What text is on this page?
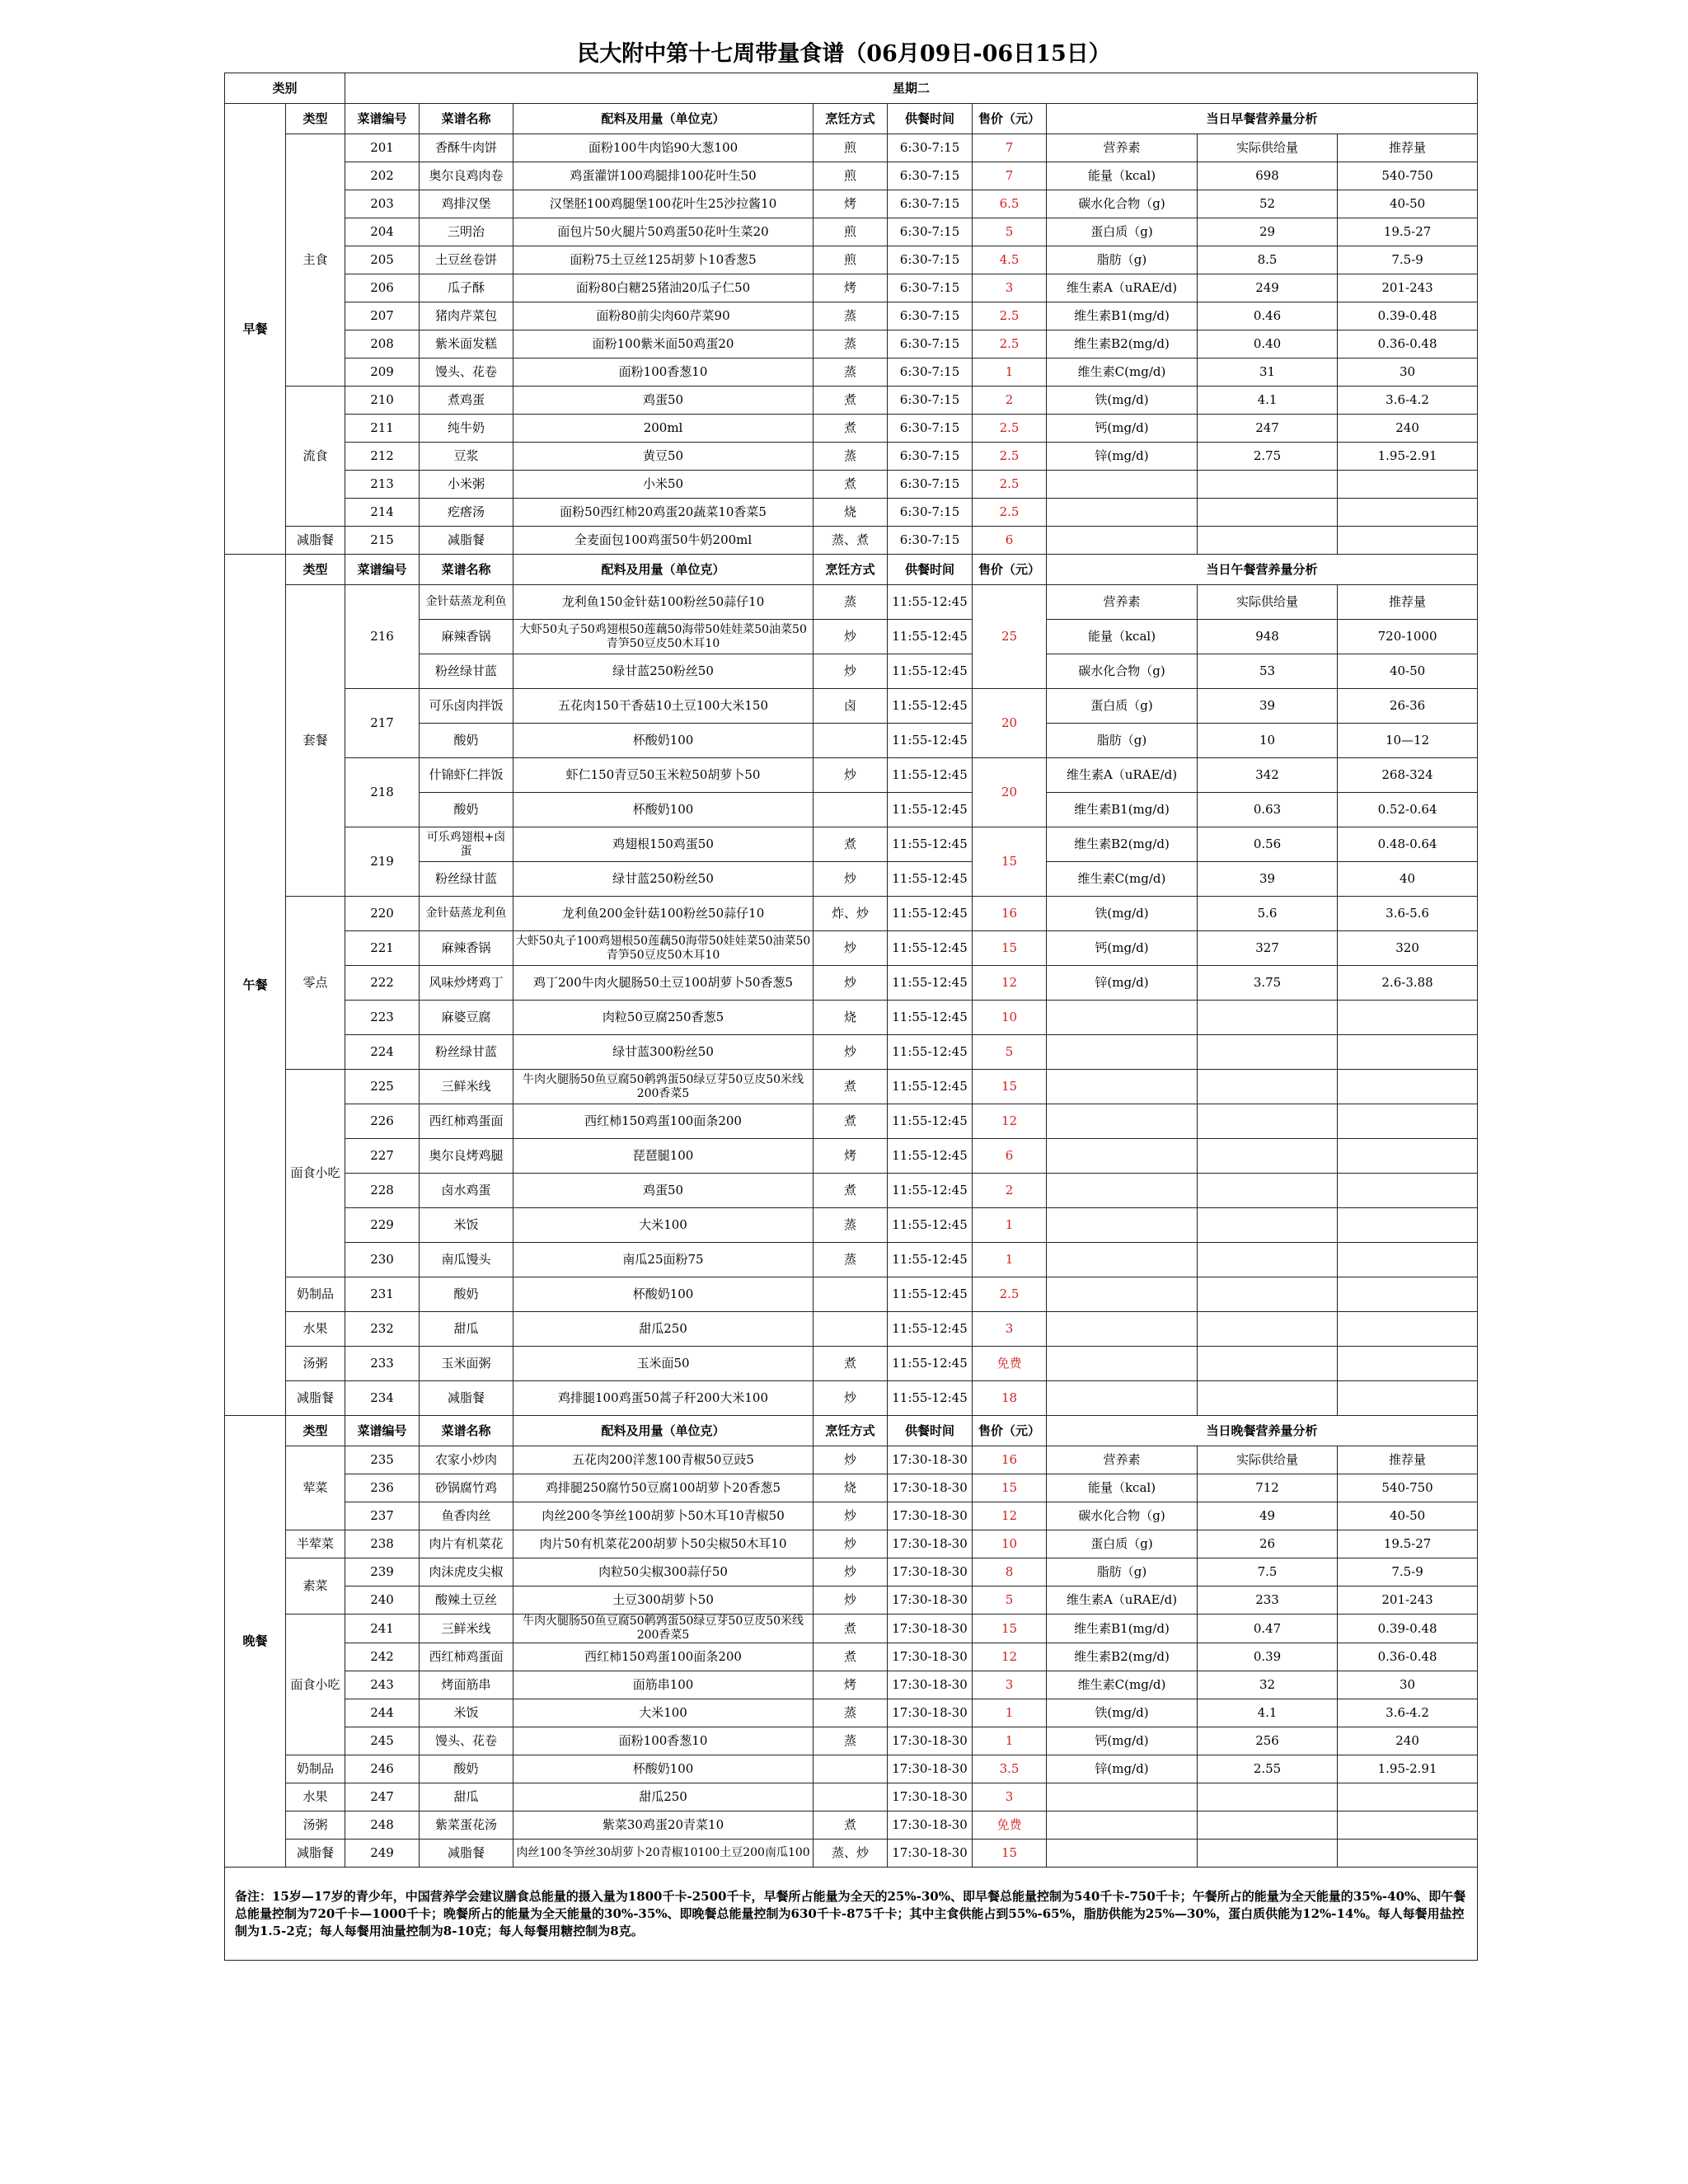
民大附中第十七周带量食谱（06月09日-06日15日）
类别		星期二								
早餐	类型	菜谱编号	菜谱名称	配料及用量（单位克）	烹饪方式	供餐时间	售价（元）	当日早餐营养量分析		
	主食	201	香酥牛肉饼	面粉100牛肉馅90大葱100	煎	6:30-7:15	7	营养素	实际供给量	推荐量
		202	奥尔良鸡肉卷	鸡蛋灌饼100鸡腿排100花叶生50	煎	6:30-7:15	7	能量（kcal)	698	540-750
		203	鸡排汉堡	汉堡胚100鸡腿堡100花叶生25沙拉酱10	烤	6:30-7:15	6.5	碳水化合物（g)	52	40-50
		204	三明治	面包片50火腿片50鸡蛋50花叶生菜20	煎	6:30-7:15	5	蛋白质（g)	29	19.5-27
		205	土豆丝卷饼	面粉75土豆丝125胡萝卜10香葱5	煎	6:30-7:15	4.5	脂肪（g)	8.5	7.5-9
		206	瓜子酥	面粉80白糖25猪油20瓜子仁50	烤	6:30-7:15	3	维生素A（uRAE/d)	249	201-243
		207	猪肉芹菜包	面粉80前尖肉60芹菜90	蒸	6:30-7:15	2.5	维生素B1(mg/d)	0.46	0.39-0.48
		208	紫米面发糕	面粉100紫米面50鸡蛋20	蒸	6:30-7:15	2.5	维生素B2(mg/d)	0.40	0.36-0.48
		209	馒头、花卷	面粉100香葱10	蒸	6:30-7:15	1	维生素C(mg/d)	31	30
	流食	210	煮鸡蛋	鸡蛋50	煮	6:30-7:15	2	铁(mg/d)	4.1	3.6-4.2
		211	纯牛奶	200ml	煮	6:30-7:15	2.5	钙(mg/d)	247	240
		212	豆浆	黄豆50	蒸	6:30-7:15	2.5	锌(mg/d)	2.75	1.95-2.91
		213	小米粥	小米50	煮	6:30-7:15	2.5			
		214	疙瘩汤	面粉50西红柿20鸡蛋20蔬菜10香菜5	烧	6:30-7:15	2.5			
	减脂餐	215	减脂餐	全麦面包100鸡蛋50牛奶200ml	蒸、煮	6:30-7:15	6			
午餐	类型	菜谱编号	菜谱名称	配料及用量（单位克）	烹饪方式	供餐时间	售价（元）	当日午餐营养量分析		
	套餐	216	金针菇蒸龙利鱼	龙利鱼150金针菇100粉丝50蒜仔10	蒸	11:55-12:45	25	营养素	实际供给量	推荐量
			麻辣香锅	大虾50丸子50鸡翅根50莲藕50海带50娃娃菜50油菜50青笋50豆皮50木耳10	炒	11:55-12:45		能量（kcal)	948	720-1000
			粉丝绿甘蓝	绿甘蓝250粉丝50	炒	11:55-12:45		碳水化合物（g)	53	40-50
		217	可乐卤肉拌饭	五花肉150干香菇10土豆100大米150	卤	11:55-12:45	20	蛋白质（g)	39	26-36
			酸奶	杯酸奶100		11:55-12:45		脂肪（g)	10	10—12
		218	什锦虾仁拌饭	虾仁150青豆50玉米粒50胡萝卜50	炒	11:55-12:45	20	维生素A（uRAE/d)	342	268-324
			酸奶	杯酸奶100		11:55-12:45		维生素B1(mg/d)	0.63	0.52-0.64
		219	可乐鸡翅根+卤蛋	鸡翅根150鸡蛋50	煮	11:55-12:45	15	维生素B2(mg/d)	0.56	0.48-0.64
			粉丝绿甘蓝	绿甘蓝250粉丝50	炒	11:55-12:45		维生素C(mg/d)	39	40
	零点	220	金针菇蒸龙利鱼	龙利鱼200金针菇100粉丝50蒜仔10	炸、炒	11:55-12:45	16	铁(mg/d)	5.6	3.6-5.6
		221	麻辣香锅	大虾50丸子100鸡翅根50莲藕50海带50娃娃菜50油菜50青笋50豆皮50木耳10	炒	11:55-12:45	15	钙(mg/d)	327	320
		222	风味炒烤鸡丁	鸡丁200牛肉火腿肠50土豆100胡萝卜50香葱5	炒	11:55-12:45	12	锌(mg/d)	3.75	2.6-3.88
		223	麻婆豆腐	肉粒50豆腐250香葱5	烧	11:55-12:45	10			
		224	粉丝绿甘蓝	绿甘蓝300粉丝50	炒	11:55-12:45	5			
	面食小吃	225	三鲜米线	牛肉火腿肠50鱼豆腐50鹌鹑蛋50绿豆芽50豆皮50米线200香菜5	煮	11:55-12:45	15			
		226	西红柿鸡蛋面	西红柿150鸡蛋100面条200	煮	11:55-12:45	12			
		227	奥尔良烤鸡腿	琵琶腿100	烤	11:55-12:45	6			
		228	卤水鸡蛋	鸡蛋50	煮	11:55-12:45	2			
		229	米饭	大米100	蒸	11:55-12:45	1			
		230	南瓜馒头	南瓜25面粉75	蒸	11:55-12:45	1			
	奶制品	231	酸奶	杯酸奶100		11:55-12:45	2.5			
	水果	232	甜瓜	甜瓜250		11:55-12:45	3			
	汤粥	233	玉米面粥	玉米面50	煮	11:55-12:45	免费			
	减脂餐	234	减脂餐	鸡排腿100鸡蛋50蒿子秆200大米100	炒	11:55-12:45	18			
晚餐	类型	菜谱编号	菜谱名称	配料及用量（单位克）	烹饪方式	供餐时间	售价（元）	当日晚餐营养量分析		
	荤菜	235	农家小炒肉	五花肉200洋葱100青椒50豆豉5	炒	17:30-18-30	16	营养素	实际供给量	推荐量
		236	砂锅腐竹鸡	鸡排腿250腐竹50豆腐100胡萝卜20香葱5	烧	17:30-18-30	15	能量（kcal)	712	540-750
		237	鱼香肉丝	肉丝200冬笋丝100胡萝卜50木耳10青椒50	炒	17:30-18-30	12	碳水化合物（g)	49	40-50
	半荤菜	238	肉片有机菜花	肉片50有机菜花200胡萝卜50尖椒50木耳10	炒	17:30-18-30	10	蛋白质（g)	26	19.5-27
	素菜	239	肉沫虎皮尖椒	肉粒50尖椒300蒜仔50	炒	17:30-18-30	8	脂肪（g)	7.5	7.5-9
		240	酸辣土豆丝	土豆300胡萝卜50	炒	17:30-18-30	5	维生素A（uRAE/d)	233	201-243
	面食小吃	241	三鲜米线	牛肉火腿肠50鱼豆腐50鹌鹑蛋50绿豆芽50豆皮50米线200香菜5	煮	17:30-18-30	15	维生素B1(mg/d)	0.47	0.39-0.48
		242	西红柿鸡蛋面	西红柿150鸡蛋100面条200	煮	17:30-18-30	12	维生素B2(mg/d)	0.39	0.36-0.48
		243	烤面筋串	面筋串100	烤	17:30-18-30	3	维生素C(mg/d)	32	30
		244	米饭	大米100	蒸	17:30-18-30	1	铁(mg/d)	4.1	3.6-4.2
		245	馒头、花卷	面粉100香葱10	蒸	17:30-18-30	1	钙(mg/d)	256	240
	奶制品	246	酸奶	杯酸奶100		17:30-18-30	3.5	锌(mg/d)	2.55	1.95-2.91
	水果	247	甜瓜	甜瓜250		17:30-18-30	3			
	汤粥	248	紫菜蛋花汤	紫菜30鸡蛋20青菜10	煮	17:30-18-30	免费			
	减脂餐	249	减脂餐	肉丝100冬笋丝30胡萝卜20青椒10100土豆200南瓜100	蒸、炒	17:30-18-30	15			
备注：15岁—17岁的青少年，中国营养学会建议膳食总能量的摄入量为1800千卡-2500千卡，早餐所占能量为全天的25%-30%、即早餐总能量控制为540千卡-750千卡；午餐所占的能量为全天能量的35%-40%、即午餐总能量控制为720千卡—1000千卡；晚餐所占的能量为全天能量的30%-35%、即晚餐总能量控制为630千卡-875千卡；其中主食供能占到55%-65%，脂肪供能为25%—30%，蛋白质供能为12%-14%。每人每餐用盐控制为1.5-2克；每人每餐用油量控制为8-10克；每人每餐用糖控制为8克。										
